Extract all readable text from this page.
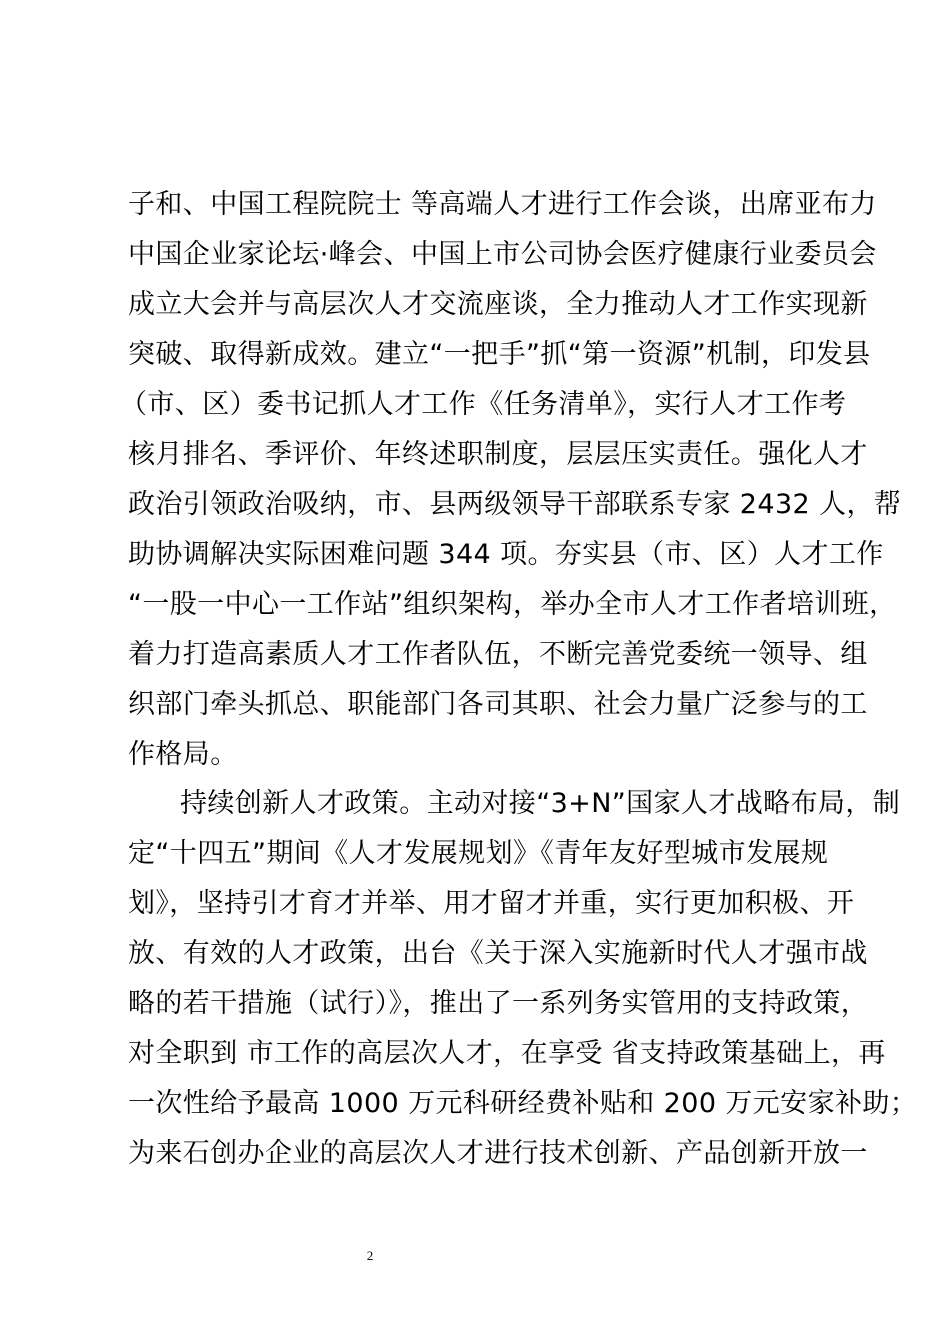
子和、中国工程院院士 等高端人才进行工作会谈，出席亚布力
中国企业家论坛·峰会、中国上市公司协会医疗健康行业委员会
成立大会并与高层次人才交流座谈，全力推动人才工作实现新
突破、取得新成效。建立“一把手”抓“第一资源”机制，印发县
（市、区）委书记抓人才工作《任务清单》，实行人才工作考
核月排名、季评价、年终述职制度，层层压实责任。强化人才
政治引领政治吸纳，市、县两级领导干部联系专家 2432 人，帮
助协调解决实际困难问题 344 项。夯实县（市、区）人才工作
“一股一中心一工作站”组织架构，举办全市人才工作者培训班，
着力打造高素质人才工作者队伍，不断完善党委统一领导、组
织部门牵头抓总、职能部门各司其职、社会力量广泛参与的工
作格局。
持续创新人才政策。主动对接“3+N”国家人才战略布局，制
定“十四五”期间《人才发展规划》《青年友好型城市发展规
划》，坚持引才育才并举、用才留才并重，实行更加积极、开
放、有效的人才政策，出台《关于深入实施新时代人才强市战
略的若干措施（试行）》，推出了一系列务实管用的支持政策，
对全职到 市工作的高层次人才，在享受 省支持政策基础上，再
一次性给予最高 1000 万元科研经费补贴和 200 万元安家补助；
为来石创办企业的高层次人才进行技术创新、产品创新开放一
2
